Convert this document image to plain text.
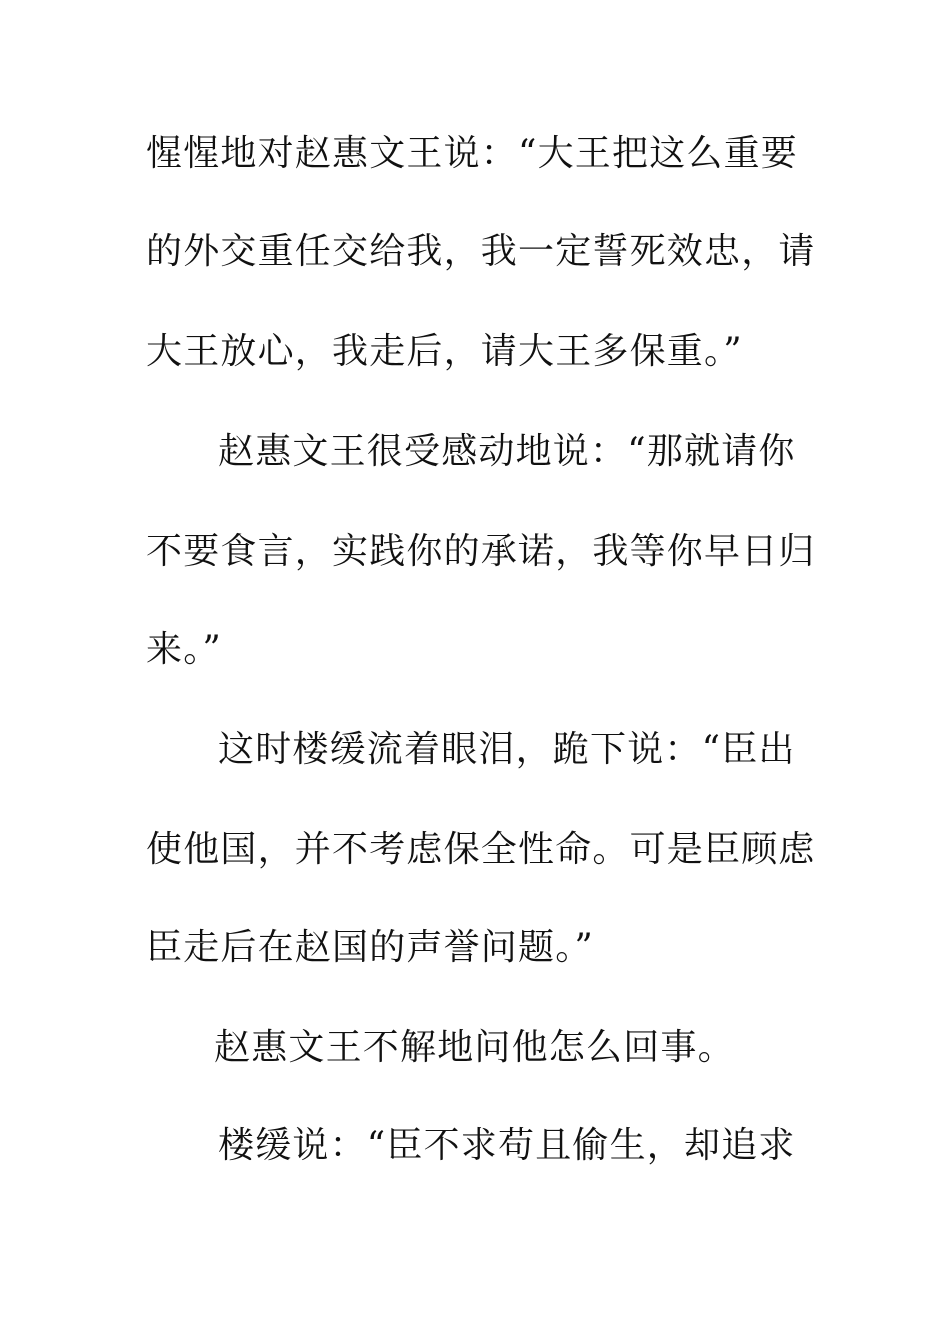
惺惺地对赵惠文王说：“大王把这么重要
的外交重任交给我，我一定誓死效忠，请
大王放心，我走后，请大王多保重。”
赵惠文王很受感动地说：“那就请你
不要食言，实践你的承诺，我等你早日归
来。”
这时楼缓流着眼泪，跪下说：“臣出
使他国，并不考虑保全性命。可是臣顾虑
臣走后在赵国的声誉问题。”
赵惠文王不解地问他怎么回事。
楼缓说：“臣不求苟且偷生，却追求
